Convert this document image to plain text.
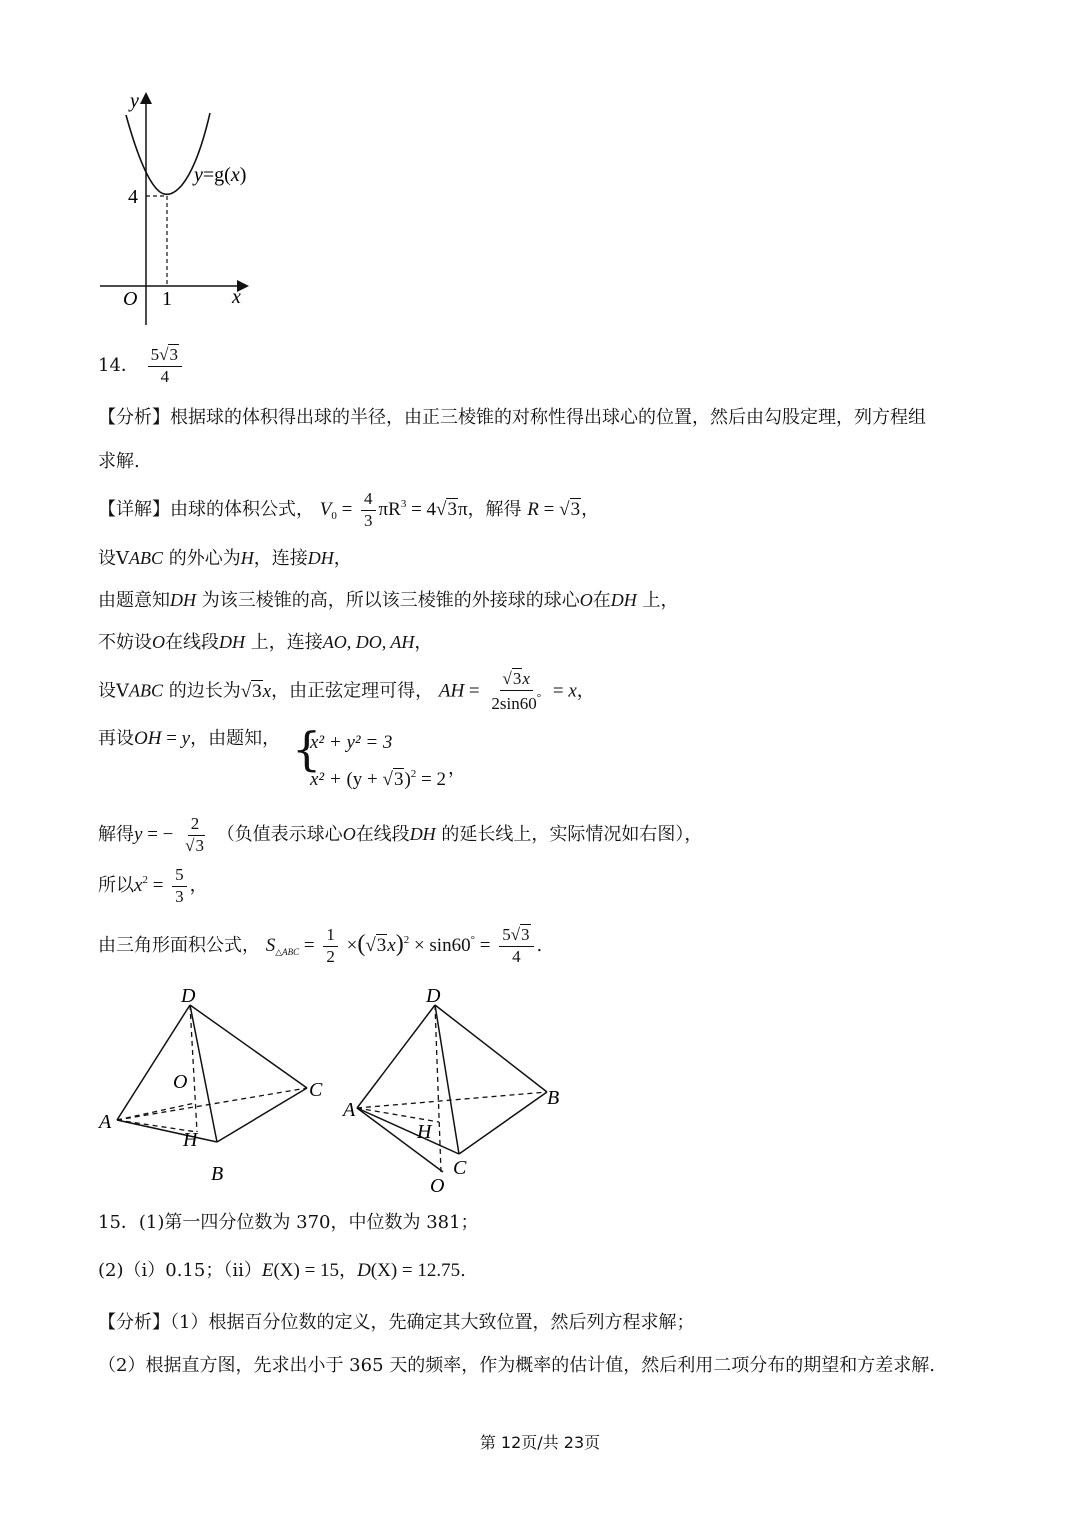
y
x
O 1
4
y=g(x)
14． $\frac{5√3}{4}$
【分析】根据球的体积得出球的半径，由正三棱锥的对称性得出球心的位置，然后由勾股定理，列方程组
求解.
【详解】由球的体积公式， $V_0 = \frac{4}{3} \pi R^3 = 4√3\pi$，解得 R = √3，
设VABC 的外心为H，连接DH，
由题意知DH 为该三棱锥的高，所以该三棱锥的外接球的球心O在DH 上，
不妨设O在线段DH 上，连接AO, DO, AH，
设VABC 的边长为√3x，由正弦定理可得， AH = $\frac{√3x}{2\sin 60^\circ} = x$，
再设OH = y，由题知， {
x² + y² = 3
$x^2 + (y + √3)^2 = 2$
，
解得y = − $\frac{2}{√3}$ （负值表示球心O在线段DH 的延长线上，实际情况如右图），
所以$x^2 = \frac{5}{3}$ ，
由三角形面积公式， $S_{\triangle ABC} = \frac{1}{2} \times(√3x)^2 \times \sin 60^\circ = \frac{5√3}{4}$ .
D
O	C
A
H
B
D
A
B
H
C
O
15．(1)第一四分位数为 370，中位数为 381；
(2)（i）0.15；（ii）E(X) = 15，D(X) = 12.75.
【分析】（1）根据百分位数的定义，先确定其大致位置，然后列方程求解；
（2）根据直方图，先求出小于 365 天的频率，作为概率的估计值，然后利用二项分布的期望和方差求解.
第 12页/共 23页
